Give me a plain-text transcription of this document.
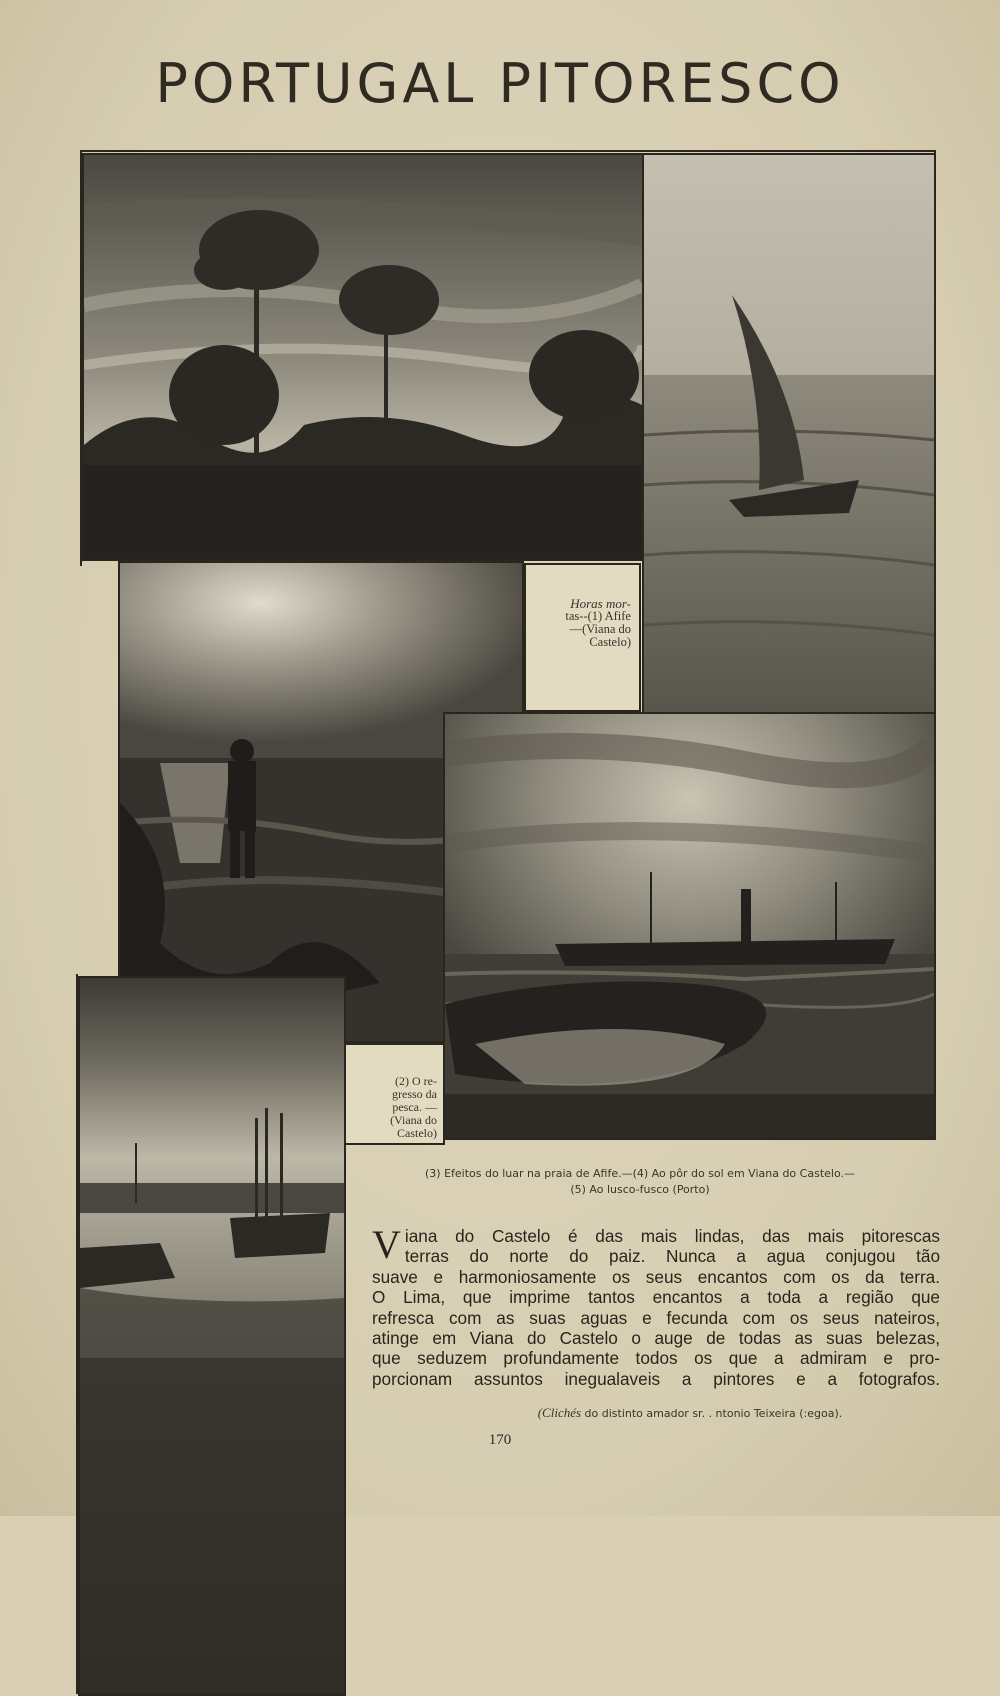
PORTUGAL PITORESCO
Horas mor-
tas--(1) Afife
—(Viana do
Castelo)
(2) O re-
gresso da
pesca. —
(Viana do
Castelo)
(3) Efeitos do luar na praia de Afife.—(4) Ao pôr do sol em Viana do Castelo.—
(5) Ao lusco-fusco (Porto)
V iana do Castelo é das mais lindas, das mais pitorescas
terras do norte do paiz. Nunca a agua conjugou tão
suave e harmoniosamente os seus encantos com os da terra.
O Lima, que imprime tantos encantos a toda a região que
refresca com as suas aguas e fecunda com os seus nateiros,
atinge em Viana do Castelo o auge de todas as suas belezas,
que seduzem profundamente todos os que a admiram e pro-
porcionam assuntos inegualaveis a pintores e a fotografos.
(Clichés do distinto amador sr. . ntonio Teixeira (:egoa).
170
